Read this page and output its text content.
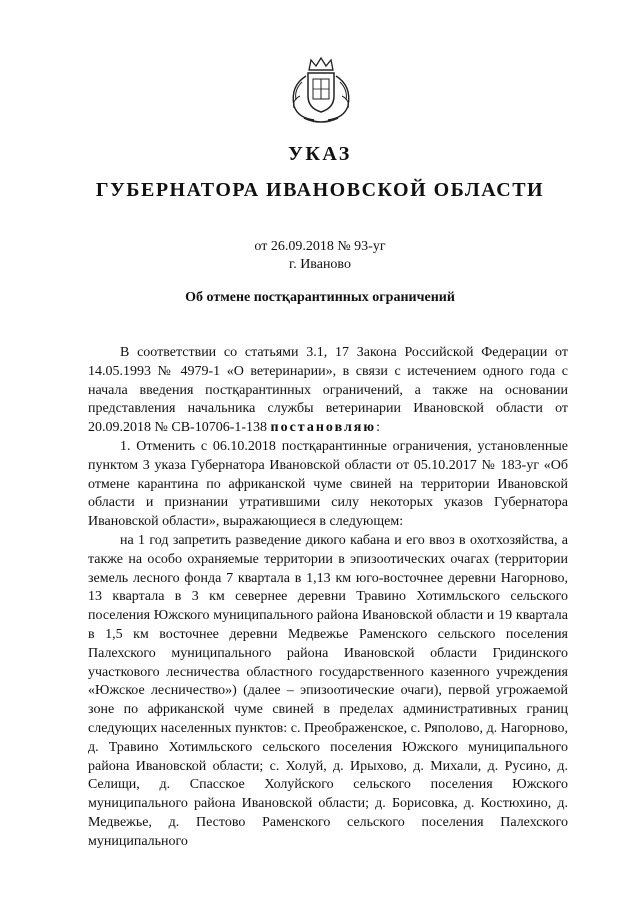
УКАЗ
ГУБЕРНАТОРА ИВАНОВСКОЙ ОБЛАСТИ
от 26.09.2018 № 93-уг
г. Иваново
Об отмене постқарантинных ограничений

В соответствии со статьями 3.1, 17 Закона Российской Федерации от 14.05.1993 № 4979-1 «О ветеринарии», в связи с истечением одного года с начала введения постқарантинных ограничений, а также на основании представления начальника службы ветеринарии Ивановской области от 20.09.2018 № СВ-10706-1-138 постановляю:

1. Отменить с 06.10.2018 постқарантинные ограничения, установленные пунктом 3 указа Губернатора Ивановской области от 05.10.2017 № 183-уг «Об отмене карантина по африканской чуме свиней на территории Ивановской области и признании утратившими силу некоторых указов Губернатора Ивановской области», выражающиеся в следующем:

на 1 год запретить разведение дикого кабана и его ввоз в охотхозяйства, а также на особо охраняемые территории в эпизоотических очагах (территории земель лесного фонда 7 квартала в 1,13 км юго-восточнее деревни Нагорново, 13 квартала в 3 км севернее деревни Травино Хотимльского сельского поселения Южского муниципального района Ивановской области и 19 квартала в 1,5 км восточнее деревни Медвежье Раменского сельского поселения Палехского муниципального района Ивановской области Гридинского участкового лесничества областного государственного казенного учреждения «Южское лесничество») (далее – эпизоотические очаги), первой угрожаемой зоне по африканской чуме свиней в пределах административных границ следующих населенных пунктов: с. Преображенское, с. Ряполово, д. Нагорново, д. Травино Хотимльского сельского поселения Южского муниципального района Ивановской области; с. Холуй, д. Ирыхово, д. Михали, д. Русино, д. Cелищи, д. Спасское Холуйского сельского поселения Южского муниципального района Ивановской области; д. Борисовка, д. Костюхино, д. Медвежье, д. Пестово Раменского сельского поселения Палехского муниципального
